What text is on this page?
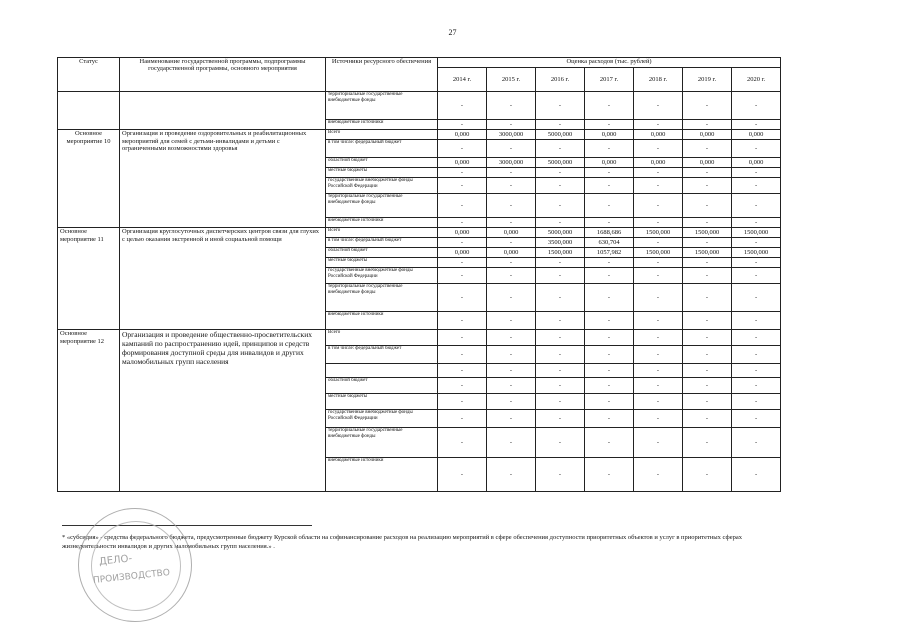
27
Статус	Наименование государственной программы, подпрограммы государственной программы, основного мероприятия	Источники ресурсного обеспечения	Оценка расходов (тыс. рублей)						
			2014 г.	2015 г.	2016 г.	2017 г.	2018 г.	2019 г.	2020 г.
		территориальные государственные внебюджетные фонды	-	-	-	-	-	-	-
		внебюджетные источники	-	-	-	-	-	-	-
Основное мероприятие 10	Организация и проведение оздоровительных и реабилитационных мероприятий для семей с детьми-инвалидами и детьми с ограниченными возможностями здоровья	Всего	0,000	3000,000	5000,000	0,000	0,000	0,000	0,000
		в том числе: федеральный бюджет	-	-	-	-	-	-	-
		областной бюджет	0,000	3000,000	5000,000	0,000	0,000	0,000	0,000
		местные бюджеты	-	-	-	-	-	-	-
		государственные внебюджетные фонды Российской Федерации	-	-	-	-	-	-	-
		территориальные государственные внебюджетные фонды	-	-	-	-	-	-	-
		внебюджетные источники	-	-	-	-	-	-	-
Основное мероприятие 11	Организация круглосуточных диспетчерских центров связи для глухих с целью оказания экстренной и иной социальной помощи	Всего	0,000	0,000	5000,000	1688,686	1500,000	1500,000	1500,000
		в том числе: федеральный бюджет	-	-	3500,000	630,704	-	-	-
		областной бюджет	0,000	0,000	1500,000	1057,982	1500,000	1500,000	1500,000
		местные бюджеты	-	-	-	-	-	-	-
		государственные внебюджетные фонды Российской Федерации	-	-	-	-	-	-	-
		территориальные государственные внебюджетные фонды	-	-	-	-	-	-	-
		внебюджетные источники	-	-	-	-	-	-	-
Основное мероприятие 12	Организация и проведение общественно-просветительских кампаний по распространению идей, принципов и средств формирования доступной среды для инвалидов и других маломобильных групп населения	Всего	-	-	-	-	-	-	-
		в том числе: федеральный бюджет	-	-	-	-	-	-	-
			-	-	-	-	-	-	-
		областной бюджет	-	-	-	-	-	-	-
		местные бюджеты	-	-	-	-	-	-	-
		государственные внебюджетные фонды Российской Федерации	-	-	-	-	-	-	-
		территориальные государственные внебюджетные фонды	-	-	-	-	-	-	-
		внебюджетные источники	-	-	-	-	-	-	-
* «субсидия» - средства федерального бюджета, предусмотренные бюджету Курской области на софинансирование расходов на реализацию мероприятий в сфере обеспечения доступности приоритетных объектов и услуг в приоритетных сферах жизнедеятельности инвалидов и других маломобильных групп населения.» .
ДЕЛО-
ПРОИЗВОДСТВО
